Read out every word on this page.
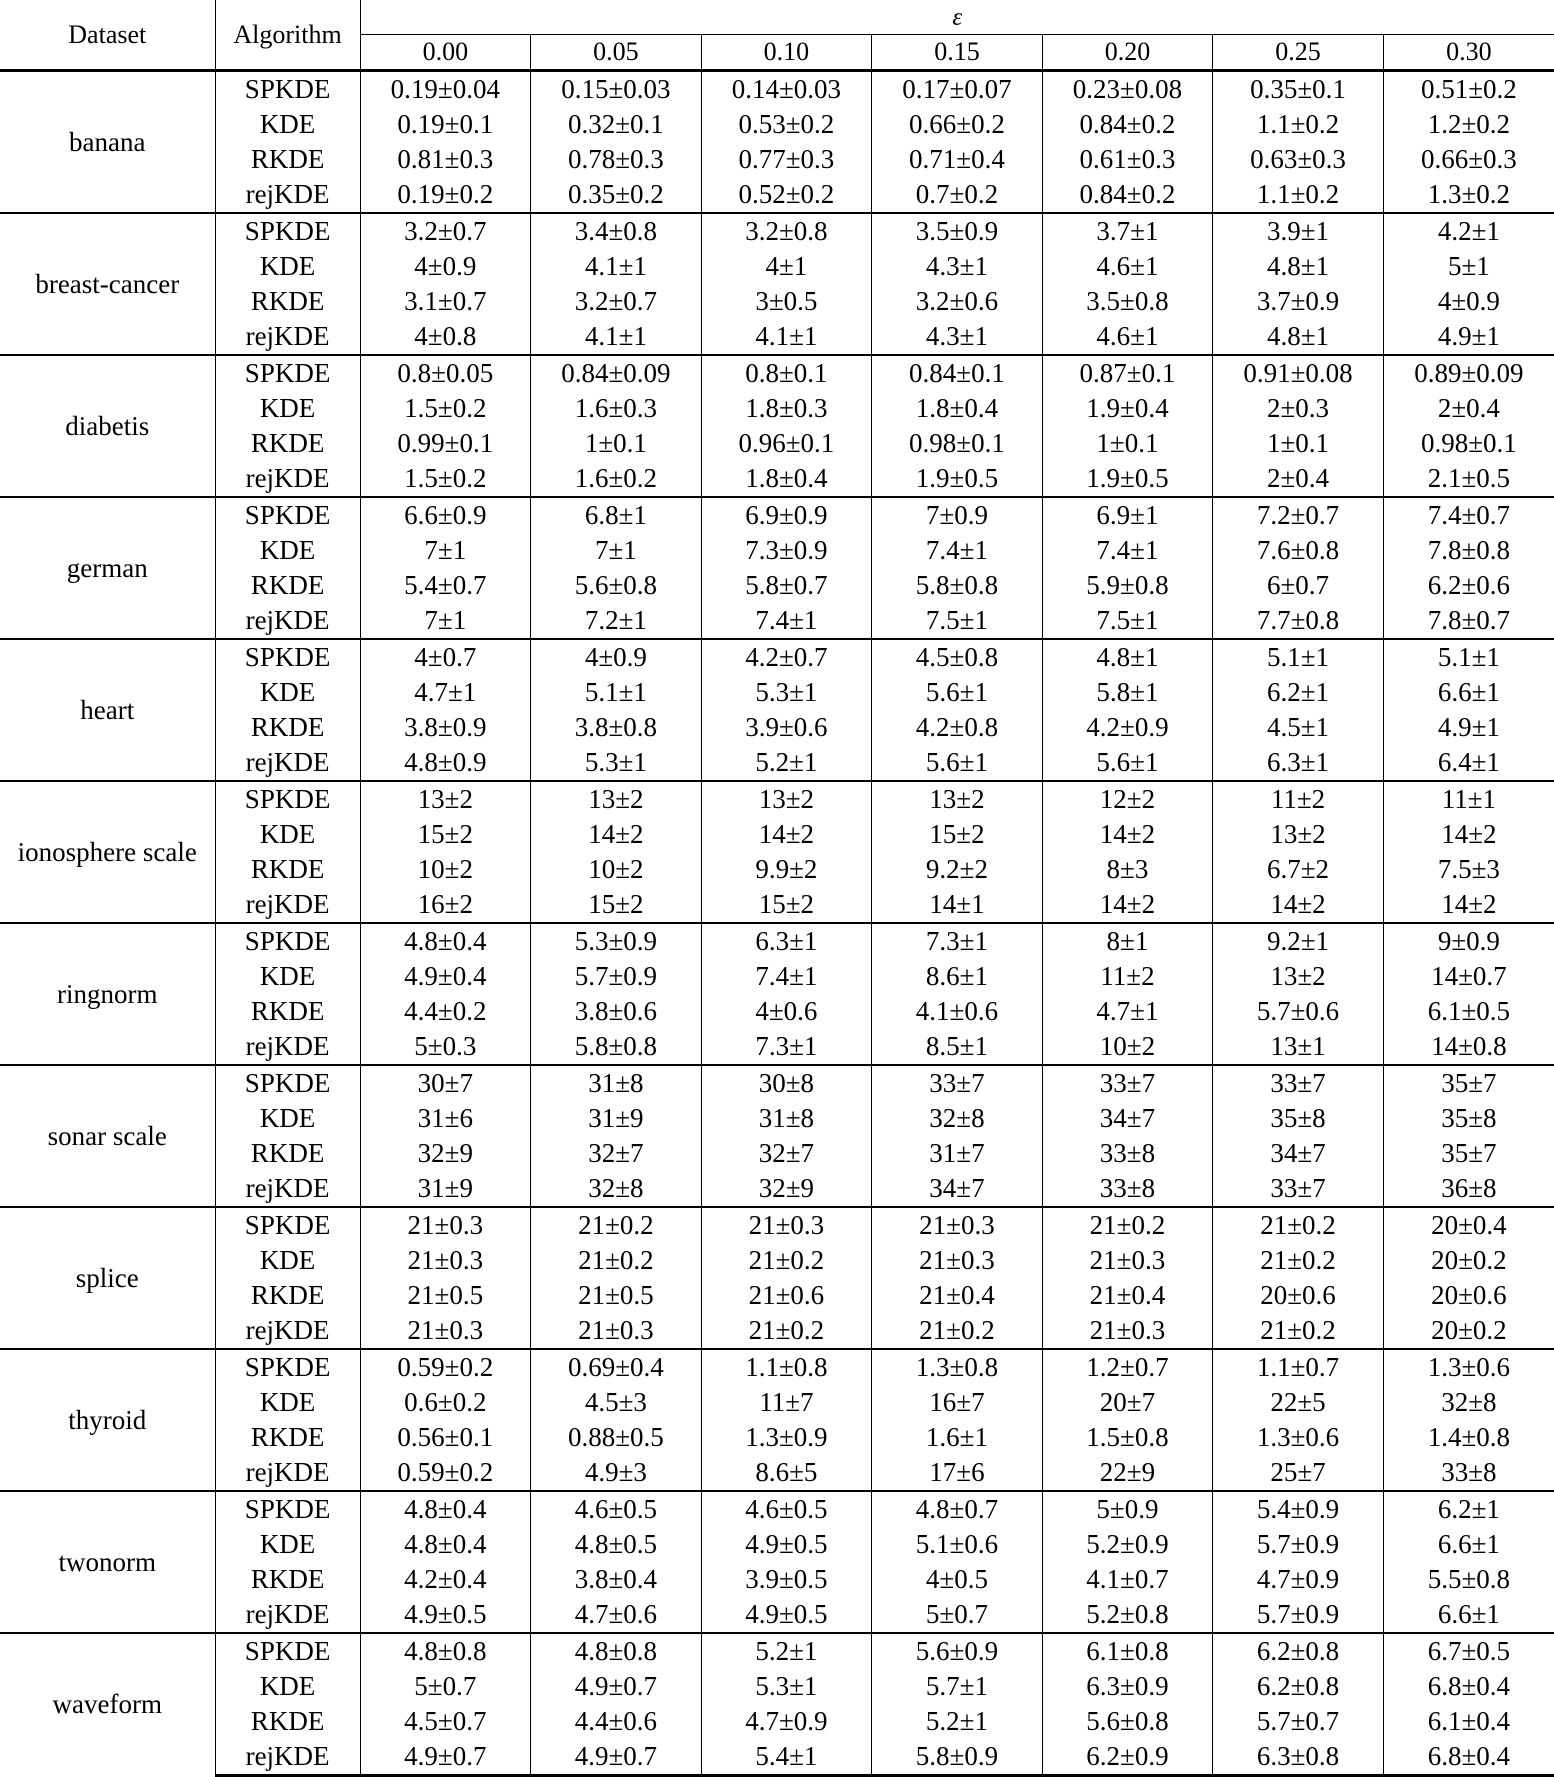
Dataset	Algorithm	ε						
		0.00	0.05	0.10	0.15	0.20	0.25	0.30
banana	SPKDE	0.19±0.04	0.15±0.03	0.14±0.03	0.17±0.07	0.23±0.08	0.35±0.1	0.51±0.2
	KDE	0.19±0.1	0.32±0.1	0.53±0.2	0.66±0.2	0.84±0.2	1.1±0.2	1.2±0.2
	RKDE	0.81±0.3	0.78±0.3	0.77±0.3	0.71±0.4	0.61±0.3	0.63±0.3	0.66±0.3
	rejKDE	0.19±0.2	0.35±0.2	0.52±0.2	0.7±0.2	0.84±0.2	1.1±0.2	1.3±0.2
breast-cancer	SPKDE	3.2±0.7	3.4±0.8	3.2±0.8	3.5±0.9	3.7±1	3.9±1	4.2±1
	KDE	4±0.9	4.1±1	4±1	4.3±1	4.6±1	4.8±1	5±1
	RKDE	3.1±0.7	3.2±0.7	3±0.5	3.2±0.6	3.5±0.8	3.7±0.9	4±0.9
	rejKDE	4±0.8	4.1±1	4.1±1	4.3±1	4.6±1	4.8±1	4.9±1
diabetis	SPKDE	0.8±0.05	0.84±0.09	0.8±0.1	0.84±0.1	0.87±0.1	0.91±0.08	0.89±0.09
	KDE	1.5±0.2	1.6±0.3	1.8±0.3	1.8±0.4	1.9±0.4	2±0.3	2±0.4
	RKDE	0.99±0.1	1±0.1	0.96±0.1	0.98±0.1	1±0.1	1±0.1	0.98±0.1
	rejKDE	1.5±0.2	1.6±0.2	1.8±0.4	1.9±0.5	1.9±0.5	2±0.4	2.1±0.5
german	SPKDE	6.6±0.9	6.8±1	6.9±0.9	7±0.9	6.9±1	7.2±0.7	7.4±0.7
	KDE	7±1	7±1	7.3±0.9	7.4±1	7.4±1	7.6±0.8	7.8±0.8
	RKDE	5.4±0.7	5.6±0.8	5.8±0.7	5.8±0.8	5.9±0.8	6±0.7	6.2±0.6
	rejKDE	7±1	7.2±1	7.4±1	7.5±1	7.5±1	7.7±0.8	7.8±0.7
heart	SPKDE	4±0.7	4±0.9	4.2±0.7	4.5±0.8	4.8±1	5.1±1	5.1±1
	KDE	4.7±1	5.1±1	5.3±1	5.6±1	5.8±1	6.2±1	6.6±1
	RKDE	3.8±0.9	3.8±0.8	3.9±0.6	4.2±0.8	4.2±0.9	4.5±1	4.9±1
	rejKDE	4.8±0.9	5.3±1	5.2±1	5.6±1	5.6±1	6.3±1	6.4±1
ionosphere scale	SPKDE	13±2	13±2	13±2	13±2	12±2	11±2	11±1
	KDE	15±2	14±2	14±2	15±2	14±2	13±2	14±2
	RKDE	10±2	10±2	9.9±2	9.2±2	8±3	6.7±2	7.5±3
	rejKDE	16±2	15±2	15±2	14±1	14±2	14±2	14±2
ringnorm	SPKDE	4.8±0.4	5.3±0.9	6.3±1	7.3±1	8±1	9.2±1	9±0.9
	KDE	4.9±0.4	5.7±0.9	7.4±1	8.6±1	11±2	13±2	14±0.7
	RKDE	4.4±0.2	3.8±0.6	4±0.6	4.1±0.6	4.7±1	5.7±0.6	6.1±0.5
	rejKDE	5±0.3	5.8±0.8	7.3±1	8.5±1	10±2	13±1	14±0.8
sonar scale	SPKDE	30±7	31±8	30±8	33±7	33±7	33±7	35±7
	KDE	31±6	31±9	31±8	32±8	34±7	35±8	35±8
	RKDE	32±9	32±7	32±7	31±7	33±8	34±7	35±7
	rejKDE	31±9	32±8	32±9	34±7	33±8	33±7	36±8
splice	SPKDE	21±0.3	21±0.2	21±0.3	21±0.3	21±0.2	21±0.2	20±0.4
	KDE	21±0.3	21±0.2	21±0.2	21±0.3	21±0.3	21±0.2	20±0.2
	RKDE	21±0.5	21±0.5	21±0.6	21±0.4	21±0.4	20±0.6	20±0.6
	rejKDE	21±0.3	21±0.3	21±0.2	21±0.2	21±0.3	21±0.2	20±0.2
thyroid	SPKDE	0.59±0.2	0.69±0.4	1.1±0.8	1.3±0.8	1.2±0.7	1.1±0.7	1.3±0.6
	KDE	0.6±0.2	4.5±3	11±7	16±7	20±7	22±5	32±8
	RKDE	0.56±0.1	0.88±0.5	1.3±0.9	1.6±1	1.5±0.8	1.3±0.6	1.4±0.8
	rejKDE	0.59±0.2	4.9±3	8.6±5	17±6	22±9	25±7	33±8
twonorm	SPKDE	4.8±0.4	4.6±0.5	4.6±0.5	4.8±0.7	5±0.9	5.4±0.9	6.2±1
	KDE	4.8±0.4	4.8±0.5	4.9±0.5	5.1±0.6	5.2±0.9	5.7±0.9	6.6±1
	RKDE	4.2±0.4	3.8±0.4	3.9±0.5	4±0.5	4.1±0.7	4.7±0.9	5.5±0.8
	rejKDE	4.9±0.5	4.7±0.6	4.9±0.5	5±0.7	5.2±0.8	5.7±0.9	6.6±1
waveform	SPKDE	4.8±0.8	4.8±0.8	5.2±1	5.6±0.9	6.1±0.8	6.2±0.8	6.7±0.5
	KDE	5±0.7	4.9±0.7	5.3±1	5.7±1	6.3±0.9	6.2±0.8	6.8±0.4
	RKDE	4.5±0.7	4.4±0.6	4.7±0.9	5.2±1	5.6±0.8	5.7±0.7	6.1±0.4
	rejKDE	4.9±0.7	4.9±0.7	5.4±1	5.8±0.9	6.2±0.9	6.3±0.8	6.8±0.4
